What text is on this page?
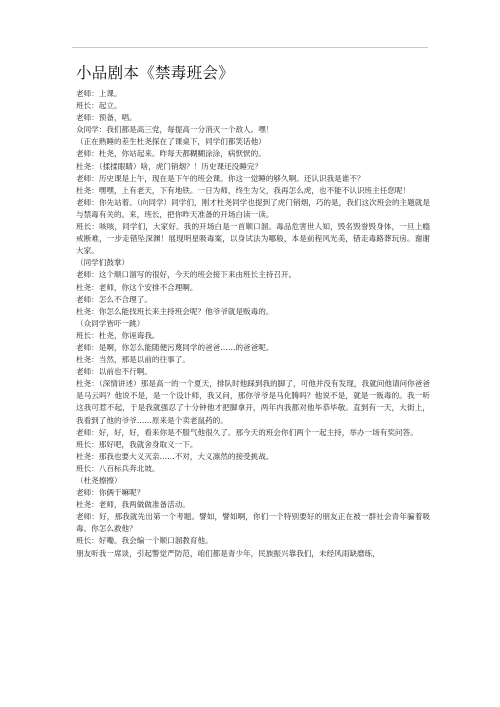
小品剧本《禁毒班会》

老师：上课。

班长：起立。

老师：预备，唱。

众同学：我们都是高三党，每提高一分消灭一个敌人。嘿！

（正在熟睡的差生杜尧探在了课桌下，同学们都笑话他）

老师：杜尧，你站起来。昨每天都糊糊涂涂，病恹恹的。

杜尧：（揉揉眼睛）啥，虎门销烟？！历史课还没睡完？

老师：历史课是上午，现在是下午的班会课。你这一觉睡的够久啊。还认识我是谁不？

杜尧：嘿嘿，上有老天，下有地铁。一日为师，终生为父，我再怎么虎，也不能不认识班主任您呢！

老师：你先站着。（向同学）同学们，刚才杜尧同学也提到了虎门销烟，巧的是，我们这次班会的主题就是与禁毒有关的。来，班长，把你昨天准备的开场白读一读。

班长：咳咳，同学们，大家好。我的开场白是一首顺口溜。毒品危害世人知，毁名毁誉毁身体，一旦上瘾戒断难，一步走错坠深渊！展现明星吸毒案，以身试法为哪般，本是前程风光美，错走毒路葬玩房。谢谢大家。

（同学们鼓掌）

老师：这个顺口溜写的很好，今天的班会接下来由班长主持召开。

杜尧：老师，你这个安排不合理啊。

老师：怎么不合理了。

杜尧：你怎么能找班长来主持班会呢？他爷爷就是贩毒的。

（众同学皆吓一跳）

班长：杜尧，你诬诲我。

老师：是啊，你怎么能随便污蔑同学的爸爸……的爸爸呢。

杜尧：当然，那是以前的往事了。

老师：以前也不行啊。

杜尧：（深情讲述）那是高一的一个夏天，排队时他踩到我的脚了，可他并没有发现，我就问他请问你爸爸是马云吗？他说不是，是一个设计师，我又问，那你爷爷是马化腾吗？他说不是，就是一贩毒的。我一听这我可惹不起，于是我就强忍了十分钟他才把脚拿开，两年内我都对他毕恭毕敬。直到有一天，大街上，我看到了他的爷爷……原来是个卖老鼠药的。

老师：好，好，好，看来你是不服气他很久了。那今天的班会你们两个一起主持，举办一场有奖问答。

班长：那好吧，我就舍身取义一下。

杜尧：那我也要大义灭亲……不对，大义凛然的接受挑战。

班长：八百标兵奔北坡。

（杜尧擦擦）

老师：你俩干嘛呢？

杜尧：老师，我两做做准备活动。

老师：好，那我就先出第一个考题。譬如，譬如啊，你们一个特别要好的朋友正在被一群社会青年骗着吸毒。你怎么救他？

班长：好嘞。我会编一个顺口溜教育他。

朋友听我一席谈，引起警觉严防范，咱们都是青少年，民族振兴靠我们，未经风雨缺磨练，
